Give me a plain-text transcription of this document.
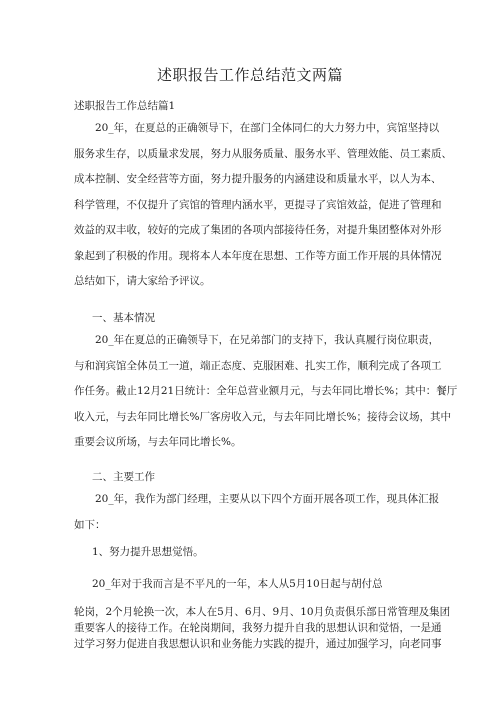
述职报告工作总结范文两篇
述职报告工作总结篇1
20_年，在夏总的正确领导下，在部门全体同仁的大力努力中，宾馆坚持以
服务求生存，以质量求发展，努力从服务质量、服务水平、管理效能、员工素质、
成本控制、安全经营等方面，努力提升服务的内涵建设和质量水平，以人为本、
科学管理，不仅提升了宾馆的管理内涵水平，更提寻了宾馆效益，促进了管理和
效益的双丰收，较好的完成了集团的各项内部接待任务，对提升集团整体对外形
象起到了积极的作用。现将本人本年度在思想、工作等方面工作开展的具体情况
总结如下，请大家给予评议。
一、基本情况
20_年在夏总的正确领导下，在兄弟部门的支持下，我认真履行岗位职责，
与和润宾馆全体员工一道，端正态度、克服困难、扎实工作，顺利完成了各项工
作任务。截止12月21日统计：全年总营业额月元，与去年同比增长%；其中：餐厅
收入元，与去年同比增长%厂客房收入元，与去年同比增长%；接待会议场，其中
重要会议所场，与去年同比增长%。
二、主要工作
20_年，我作为部门经理，主要从以下四个方面开展各项工作，现具体汇报
如下：
1、努力提升思想觉悟。
20_年对于我而言是不平凡的一年，本人从5月10日起与胡付总
轮岗，2个月轮换一次，本人在5月、6月、9月、10月负责俱乐部日常管理及集团
重要客人的接待工作。在轮岗期间，我努力提升自我的思想认识和觉悟，一是通
过学习努力促进自我思想认识和业务能力实践的提升，通过加强学习，向老同事
